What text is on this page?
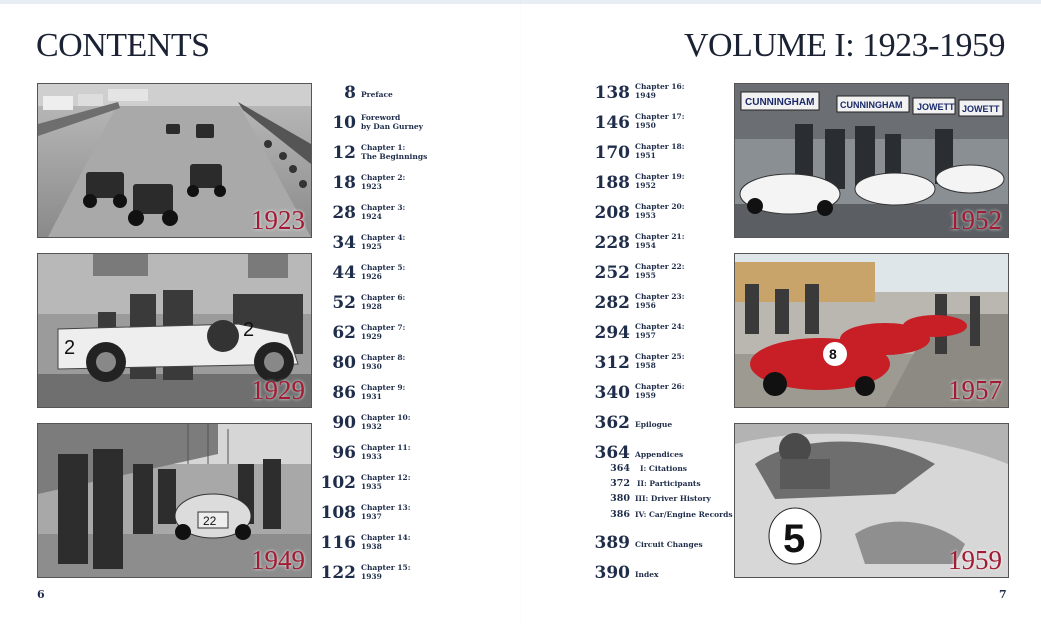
CONTENTS	VOLUME I: 1923-1959
1923
2
2
1929
22
1949
CUNNINGHAM	CUNNINGHAM JOWETT JOWETT
1952
8
1957
5	1959
8 Preface
10 Foreword
by Dan Gurney
12 Chapter 1:
The Beginnings
18 Chapter 2:
1923
28 Chapter 3:
1924
34 Chapter 4:
1925
44 Chapter 5:
1926
52 Chapter 6:
1928
62 Chapter 7:
1929
80 Chapter 8:
1930
86 Chapter 9:
1931
90 Chapter 10:
1932
96 Chapter 11:
1933
102 Chapter 12:
1935
108 Chapter 13:
1937
116 Chapter 14:
1938
122 Chapter 15:
1939
138 Chapter 16:
1949
146 Chapter 17:
1950
170 Chapter 18:
1951
188 Chapter 19:
1952
208 Chapter 20:
1953
228 Chapter 21:
1954
252 Chapter 22:
1955
282 Chapter 23:
1956
294 Chapter 24:
1957
312 Chapter 25:
1958
340 Chapter 26:
1959
362 Epilogue
364 Appendices
364 I: Citations
372 II: Participants
380 III: Driver History
386 IV: Car/Engine Records
389 Circuit Changes
390 Index
6	7
